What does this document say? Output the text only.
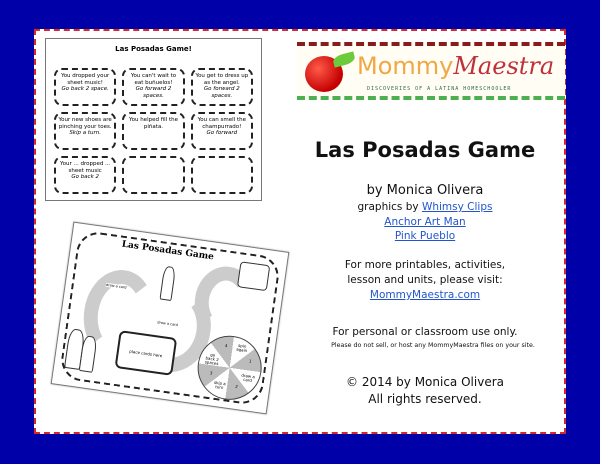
Las Posadas Game!

You dropped your sheet music!
Go back 2 space.
You can't wait to eat buñuelos!
Go forward 2 spaces.
You get to dress up as the angel.
Go forward 2 spaces.
Your new shoes are pinching your toes.
Skip a turn.
You helped fill the piñata.
You can smell the champurrado!
Go forward
Your ... dropped ... sheet music
Go back 2
Las Posadas Game
draw a card
draw a card
place cards here
spin again
1
draw a card
2
skip a turn
3
go back 2 spaces
4
MommyMaestra
DISCOVERIES OF A LATINA HOMESCHOOLER
Las Posadas Game
by Monica Olivera
graphics by Whimsy Clips
Anchor Art Man
Pink Pueblo
For more printables, activities,
lesson and units, please visit:
MommyMaestra.com
For personal or classroom use only.
Please do not sell, or host any MommyMaestra files on your site.
© 2014 by Monica Olivera
All rights reserved.
